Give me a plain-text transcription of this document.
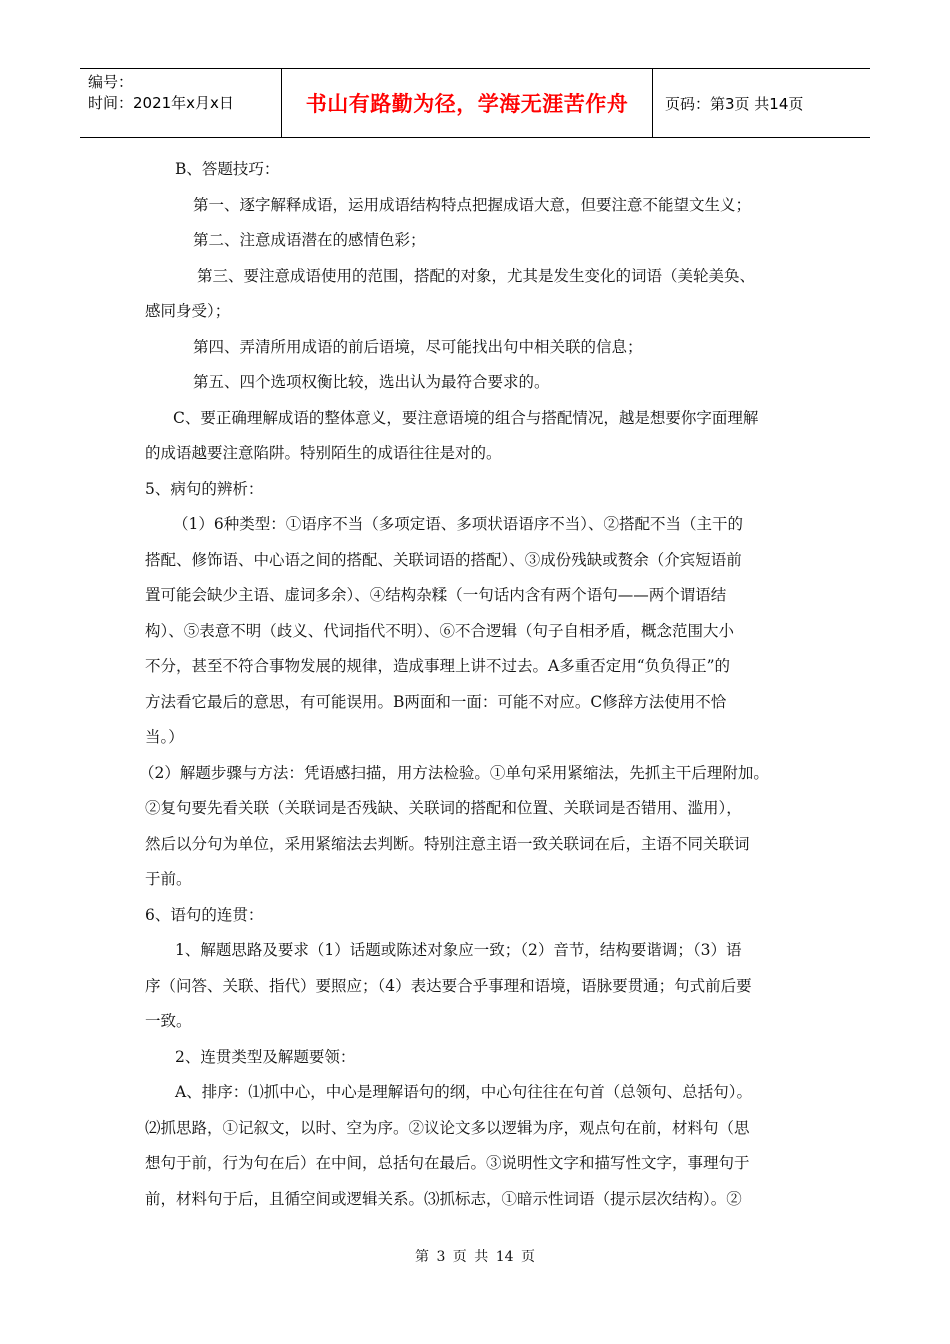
编号：
时间：2021年x月x日	书山有路勤为径，学海无涯苦作舟	页码：第3页 共14页

B、答题技巧：

第一、逐字解释成语，运用成语结构特点把握成语大意，但要注意不能望文生义；

第二、注意成语潜在的感情色彩；

第三、要注意成语使用的范围，搭配的对象，尤其是发生变化的词语（美轮美奂、

感同身受）；

第四、弄清所用成语的前后语境，尽可能找出句中相关联的信息；

第五、四个选项权衡比较，选出认为最符合要求的。

C、要正确理解成语的整体意义，要注意语境的组合与搭配情况，越是想要你字面理解

的成语越要注意陷阱。特别陌生的成语往往是对的。

5、病句的辨析：

（1）6种类型：①语序不当（多项定语、多项状语语序不当）、②搭配不当（主干的

搭配、修饰语、中心语之间的搭配、关联词语的搭配）、③成份残缺或赘余（介宾短语前

置可能会缺少主语、虚词多余）、④结构杂糅（一句话内含有两个语句——两个谓语结

构）、⑤表意不明（歧义、代词指代不明）、⑥不合逻辑（句子自相矛盾，概念范围大小

不分，甚至不符合事物发展的规律，造成事理上讲不过去。A多重否定用“负负得正”的

方法看它最后的意思，有可能误用。B两面和一面：可能不对应。C修辞方法使用不恰

当。）

（2）解题步骤与方法：凭语感扫描，用方法检验。①单句采用紧缩法，先抓主干后理附加。

②复句要先看关联（关联词是否残缺、关联词的搭配和位置、关联词是否错用、滥用），

然后以分句为单位，采用紧缩法去判断。特别注意主语一致关联词在后，主语不同关联词

于前。

6、语句的连贯：

1、解题思路及要求（1）话题或陈述对象应一致；（2）音节，结构要谐调；（3）语

序（问答、关联、指代）要照应；（4）表达要合乎事理和语境，语脉要贯通；句式前后要

一致。

2、连贯类型及解题要领：

A、排序：⑴抓中心，中心是理解语句的纲，中心句往往在句首（总领句、总括句）。

⑵抓思路，①记叙文，以时、空为序。②议论文多以逻辑为序，观点句在前，材料句（思

想句于前，行为句在后）在中间，总括句在最后。③说明性文字和描写性文字，事理句于

前，材料句于后，且循空间或逻辑关系。⑶抓标志，①暗示性词语（提示层次结构）。②

第 3 页 共 14 页
